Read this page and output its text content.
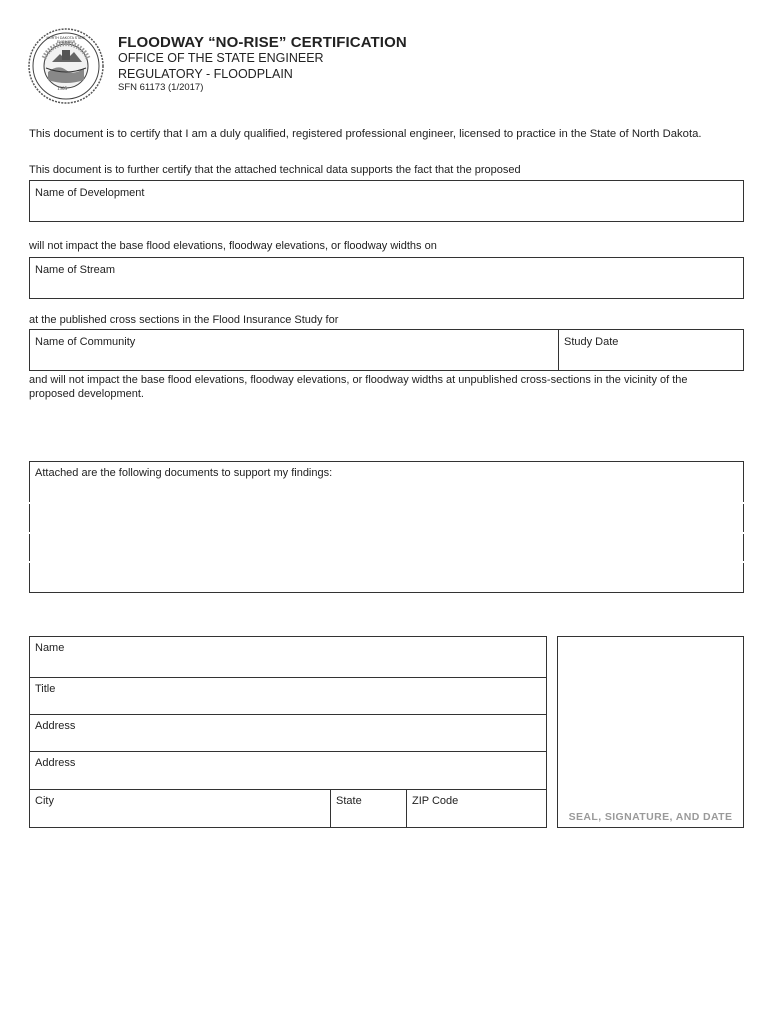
1905
NORTH DAKOTA STATE ENGINEER	FLOODWAY “NO-RISE” CERTIFICATION
OFFICE OF THE STATE ENGINEER
REGULATORY - FLOODPLAIN
SFN 61173 (1/2017)
This document is to certify that I am a duly qualified, registered professional engineer, licensed to practice in the State of North Dakota.
This document is to further certify that the attached technical data supports the fact that the proposed
Name of Development
will not impact the base flood elevations, floodway elevations, or floodway widths on
Name of Stream
at the published cross sections in the Flood Insurance Study for
Name of Community	Study Date
and will not impact the base flood elevations, floodway elevations, or floodway widths at unpublished cross-sections in the vicinity of the
proposed development.
Attached are the following documents to support my findings:
Name
Title
Address
Address
City	State	ZIP Code
SEAL, SIGNATURE, AND DATE
